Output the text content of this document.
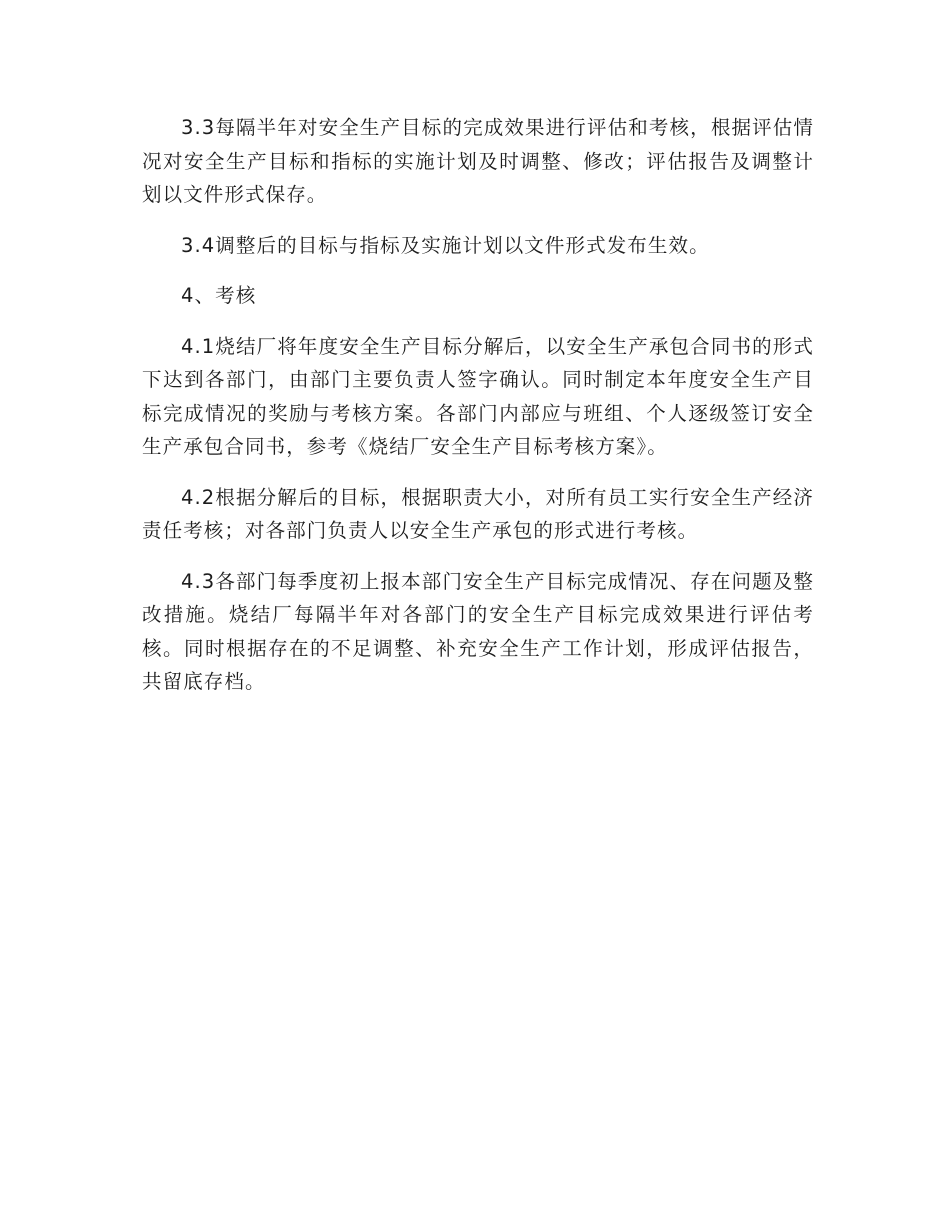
3.3每隔半年对安全生产目标的完成效果进行评估和考核，根据评估情况对安全生产目标和指标的实施计划及时调整、修改；评估报告及调整计划以文件形式保存。

3.4调整后的目标与指标及实施计划以文件形式发布生效。

4、考核

4.1烧结厂将年度安全生产目标分解后，以安全生产承包合同书的形式下达到各部门，由部门主要负责人签字确认。同时制定本年度安全生产目标完成情况的奖励与考核方案。各部门内部应与班组、个人逐级签订安全生产承包合同书，参考《烧结厂安全生产目标考核方案》。

4.2根据分解后的目标，根据职责大小，对所有员工实行安全生产经济责任考核；对各部门负责人以安全生产承包的形式进行考核。

4.3各部门每季度初上报本部门安全生产目标完成情况、存在问题及整改措施。烧结厂每隔半年对各部门的安全生产目标完成效果进行评估考核。同时根据存在的不足调整、补充安全生产工作计划，形成评估报告，共留底存档。
